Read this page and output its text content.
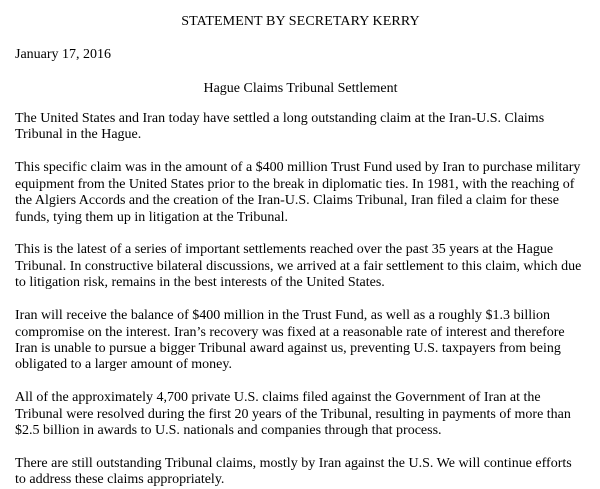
STATEMENT BY SECRETARY KERRY
January 17, 2016
Hague Claims Tribunal Settlement

The United States and Iran today have settled a long outstanding claim at the Iran-U.S. Claims Tribunal in the Hague.

This specific claim was in the amount of a $400 million Trust Fund used by Iran to purchase military equipment from the United States prior to the break in diplomatic ties. In 1981, with the reaching of the Algiers Accords and the creation of the Iran-U.S. Claims Tribunal, Iran filed a claim for these funds, tying them up in litigation at the Tribunal.

This is the latest of a series of important settlements reached over the past 35 years at the Hague Tribunal. In constructive bilateral discussions, we arrived at a fair settlement to this claim, which due to litigation risk, remains in the best interests of the United States.

Iran will receive the balance of $400 million in the Trust Fund, as well as a roughly $1.3 billion compromise on the interest. Iran’s recovery was fixed at a reasonable rate of interest and therefore Iran is unable to pursue a bigger Tribunal award against us, preventing U.S. taxpayers from being obligated to a larger amount of money.

All of the approximately 4,700 private U.S. claims filed against the Government of Iran at the Tribunal were resolved during the first 20 years of the Tribunal, resulting in payments of more than $2.5 billion in awards to U.S. nationals and companies through that process.

There are still outstanding Tribunal claims, mostly by Iran against the U.S. We will continue efforts to address these claims appropriately.
